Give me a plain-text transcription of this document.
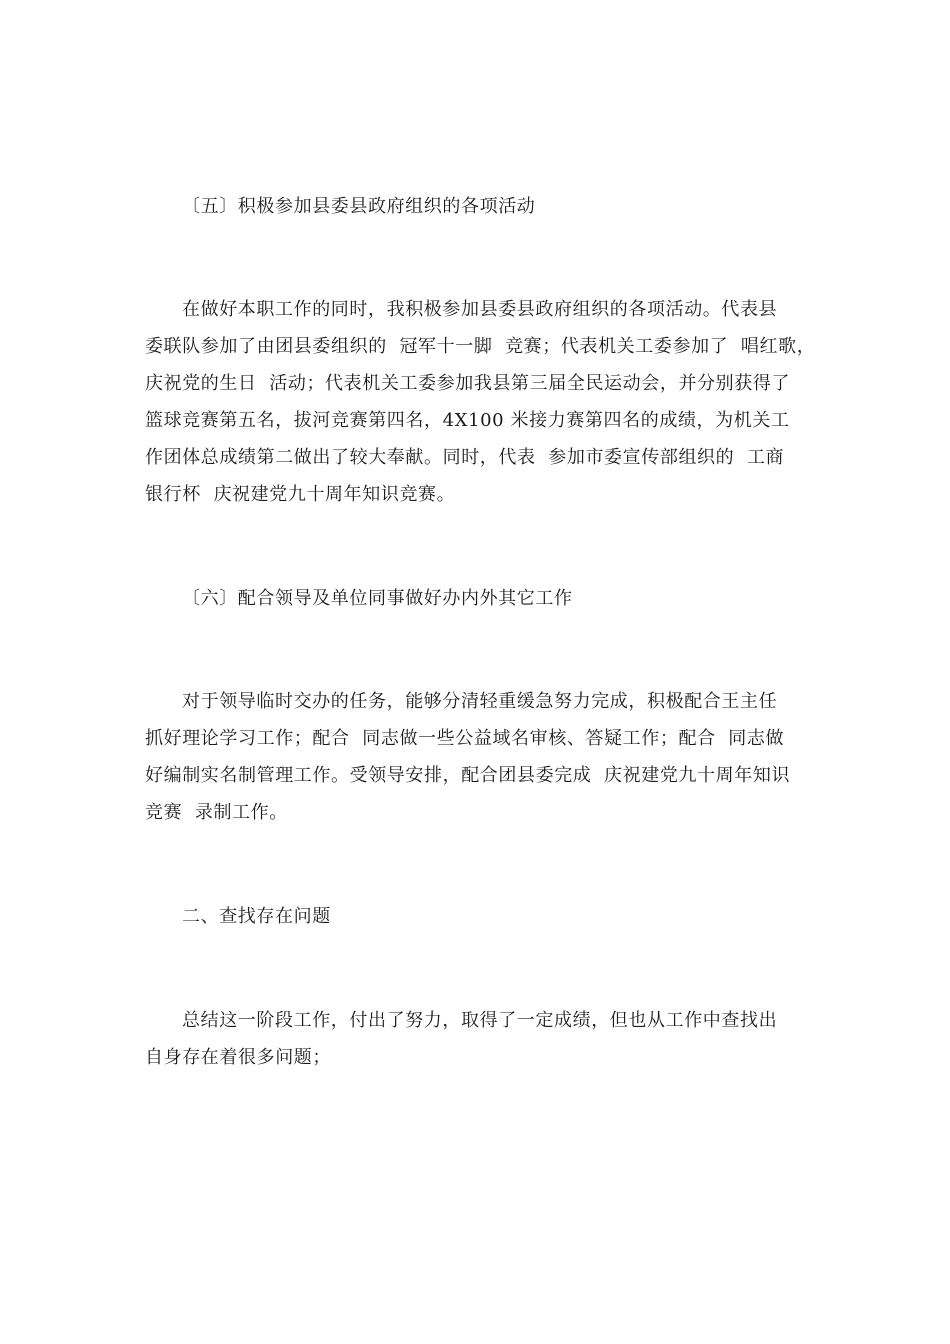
〔五〕积极参加县委县政府组织的各项活动
在做好本职工作的同时，我积极参加县委县政府组织的各项活动。代表县
委联队参加了由团县委组织的  冠军十一脚  竞赛；代表机关工委参加了  唱红歌，
庆祝党的生日  活动；代表机关工委参加我县第三届全民运动会，并分别获得了
篮球竞赛第五名，拔河竞赛第四名，4X100 米接力赛第四名的成绩，为机关工
作团体总成绩第二做出了较大奉献。同时，代表  参加市委宣传部组织的  工商
银行杯  庆祝建党九十周年知识竞赛。
〔六〕配合领导及单位同事做好办内外其它工作
对于领导临时交办的任务，能够分清轻重缓急努力完成，积极配合王主任
抓好理论学习工作；配合  同志做一些公益域名审核、答疑工作；配合  同志做
好编制实名制管理工作。受领导安排，配合团县委完成  庆祝建党九十周年知识
竞赛  录制工作。
二、查找存在问题
总结这一阶段工作，付出了努力，取得了一定成绩，但也从工作中查找出
自身存在着很多问题；
